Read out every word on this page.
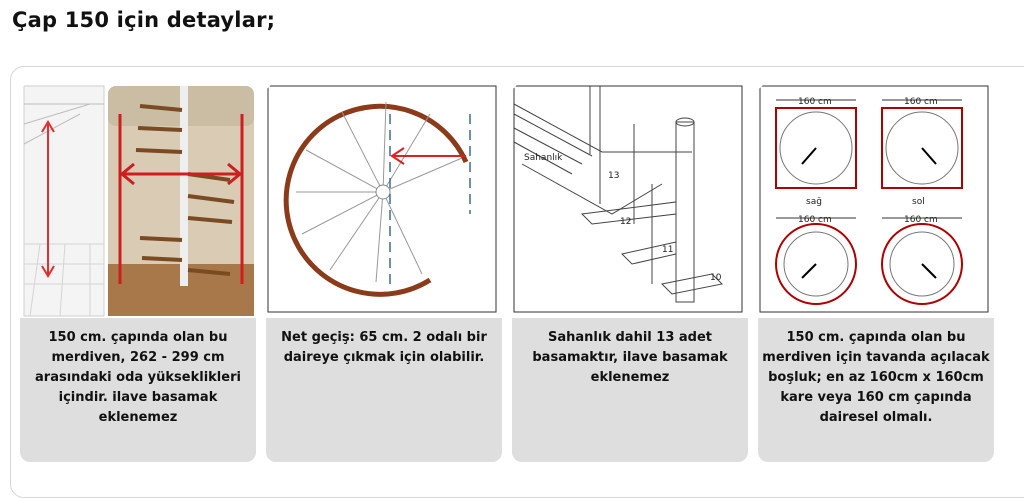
Çap 150 için detaylar;
150 cm. çapında olan bu merdiven, 262 - 299 cm arasındaki oda yükseklikleri içindir. ilave basamak eklenemez
Net geçiş: 65 cm. 2 odalı bir daireye çıkmak için olabilir.
Sahanlık
13
12
11
10
Sahanlık dahil 13 adet basamaktır, ilave basamak eklenemez
160 cm	160 cm
160 cm	160 cm
sağ	sol
150 cm. çapında olan bu merdiven için tavanda açılacak boşluk; en az 160cm x 160cm kare veya 160 cm çapında dairesel olmalı.
